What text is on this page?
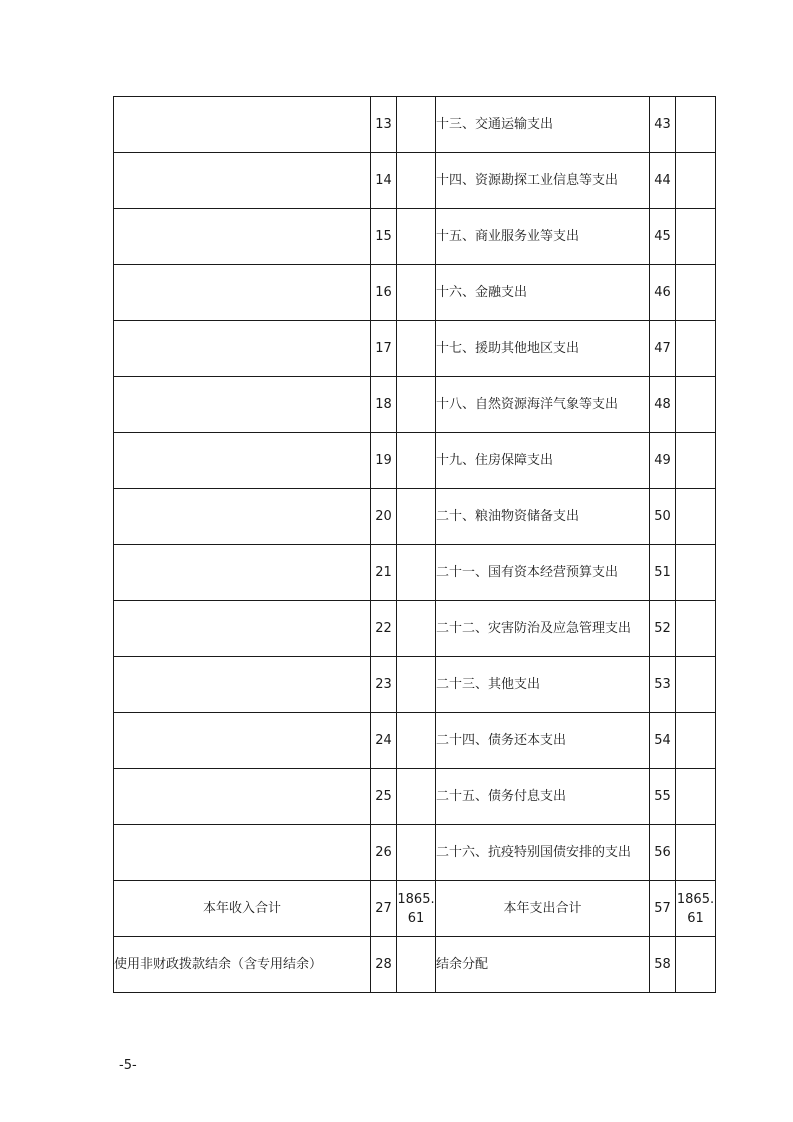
	13		十三、交通运输支出	43	
	14		十四、资源勘探工业信息等支出	44	
	15		十五、商业服务业等支出	45	
	16		十六、金融支出	46	
	17		十七、援助其他地区支出	47	
	18		十八、自然资源海洋气象等支出	48	
	19		十九、住房保障支出	49	
	20		二十、粮油物资储备支出	50	
	21		二十一、国有资本经营预算支出	51	
	22		二十二、灾害防治及应急管理支出	52	
	23		二十三、其他支出	53	
	24		二十四、债务还本支出	54	
	25		二十五、债务付息支出	55	
	26		二十六、抗疫特别国债安排的支出	56	
本年收入合计	27	1865.61	本年支出合计	57	1865.61
使用非财政拨款结余（含专用结余）	28		结余分配	58	
-5-
